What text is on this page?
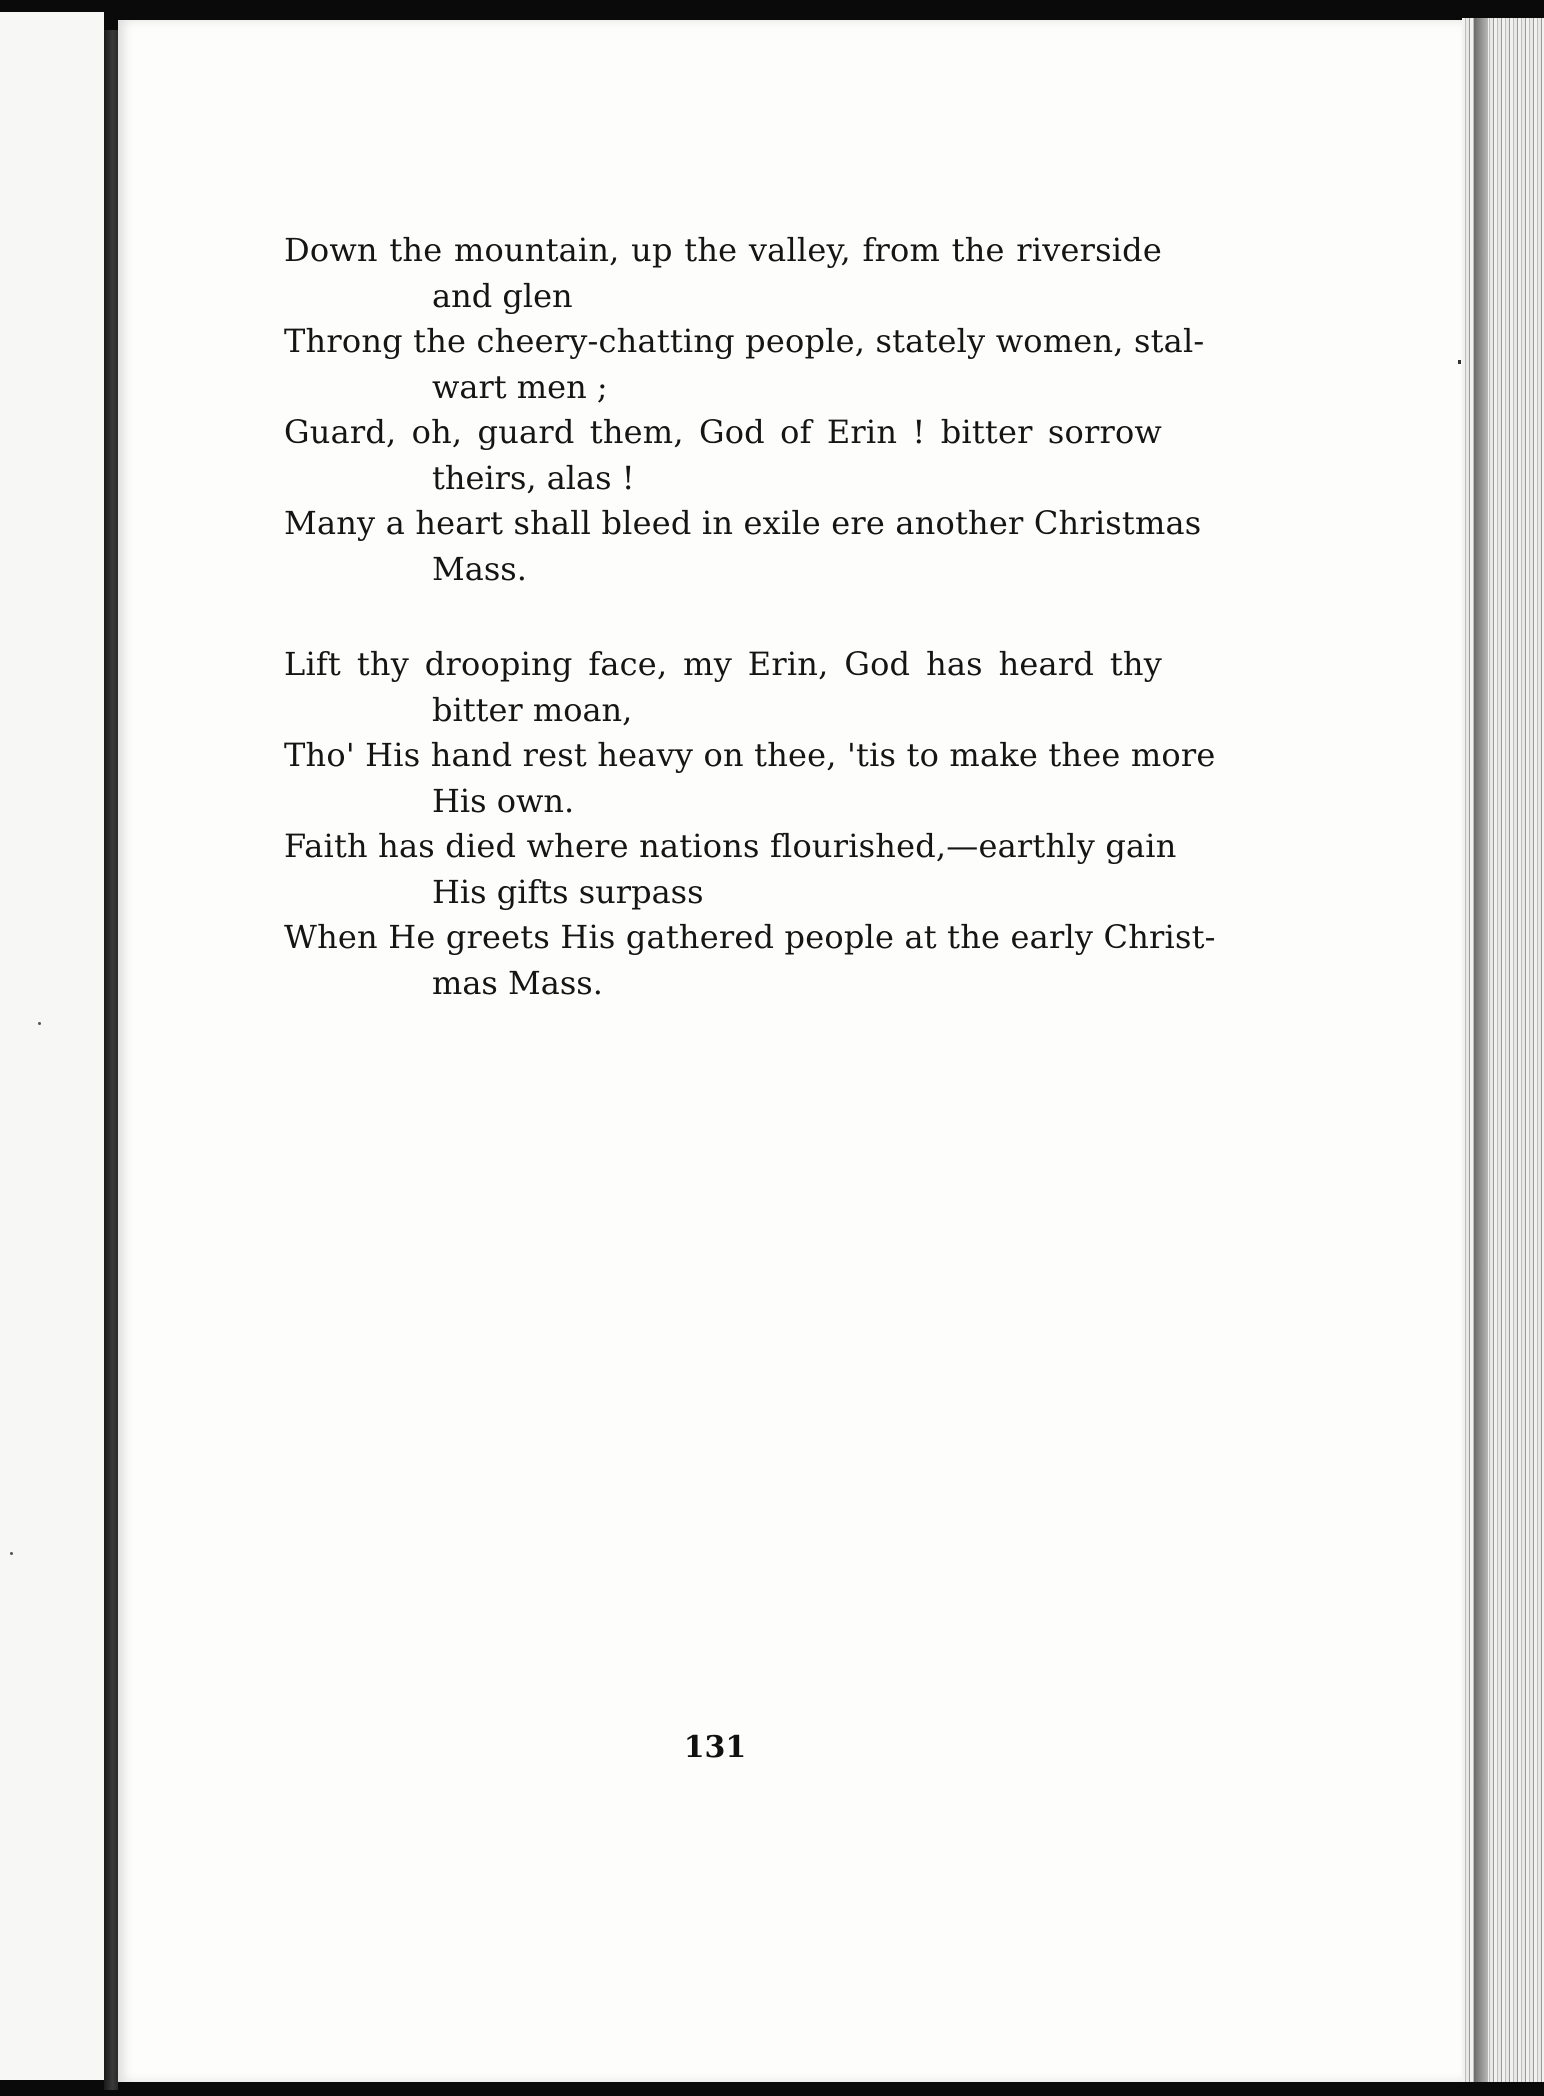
Down the mountain, up the valley, from the riverside
and glen

Throng the cheery-chatting people, stately women, stal-
wart men ;

Guard, oh, guard them, God of Erin ! bitter sorrow
theirs, alas !

Many a heart shall bleed in exile ere another Christmas
Mass.

Lift thy drooping face, my Erin, God has heard thy
bitter moan,

Tho' His hand rest heavy on thee, 'tis to make thee more
His own.

Faith has died where nations flourished,—earthly gain
His gifts surpass

When He greets His gathered people at the early Christ-
mas Mass.

131
